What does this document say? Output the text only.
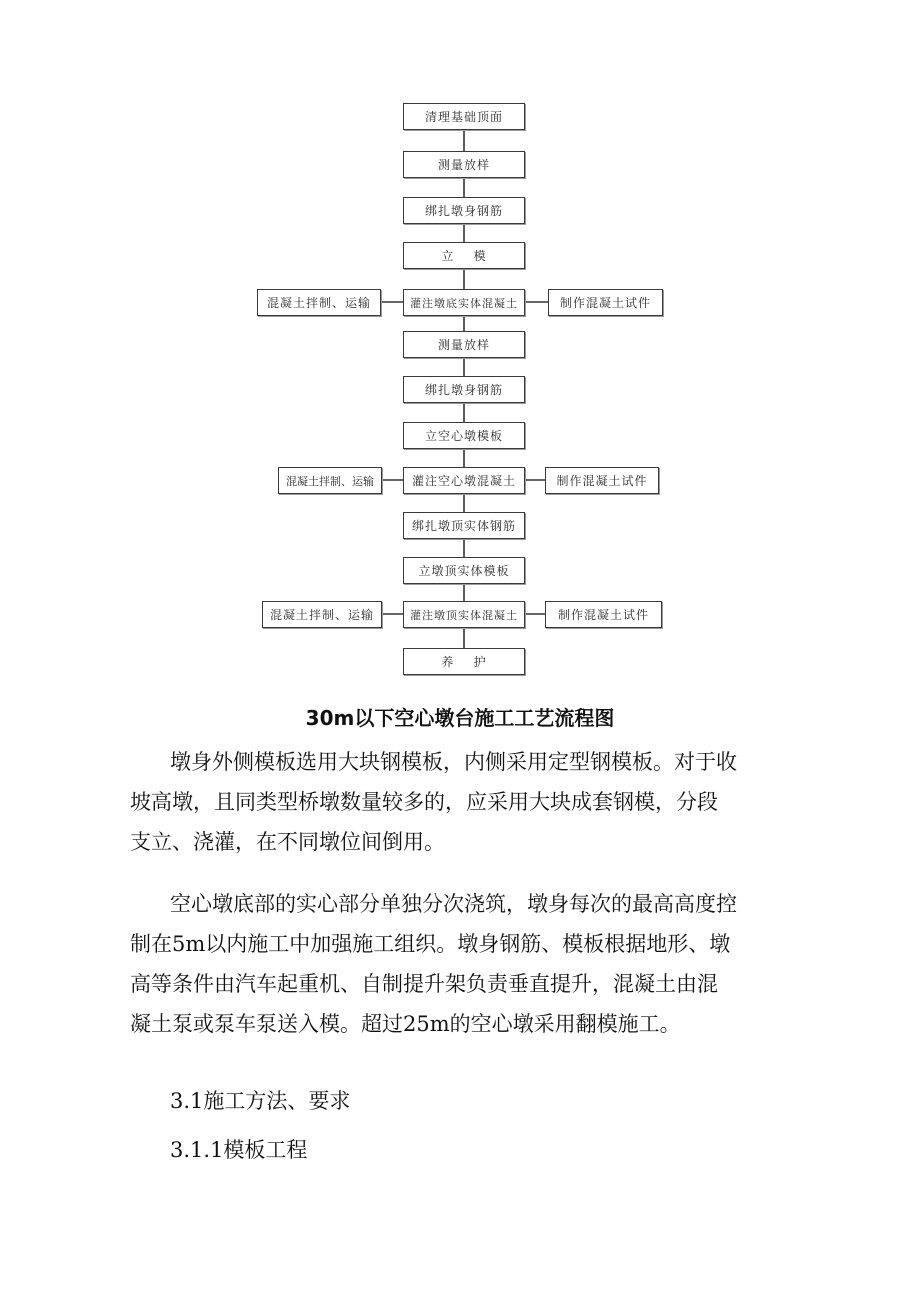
清理基础顶面
测量放样
绑扎墩身钢筋
立    模
灌注墩底实体混凝土
测量放样
绑扎墩身钢筋
立空心墩模板
灌注空心墩混凝土
绑扎墩顶实体钢筋
立墩顶实体模板
灌注墩顶实体混凝土
养    护
混凝土拌制、运输
混凝土拌制、运输
混凝土拌制、运输
制作混凝土试件
制作混凝土试件
制作混凝土试件
30m以下空心墩台施工工艺流程图
墩身外侧模板选用大块钢模板，内侧采用定型钢模板。对于收
坡高墩，且同类型桥墩数量较多的，应采用大块成套钢模，分段
支立、浇灌，在不同墩位间倒用。
空心墩底部的实心部分单独分次浇筑，墩身每次的最高高度控
制在5m以内施工中加强施工组织。墩身钢筋、模板根据地形、墩
高等条件由汽车起重机、自制提升架负责垂直提升，混凝土由混
凝土泵或泵车泵送入模。超过25m的空心墩采用翻模施工。
3.1施工方法、要求
3.1.1模板工程
